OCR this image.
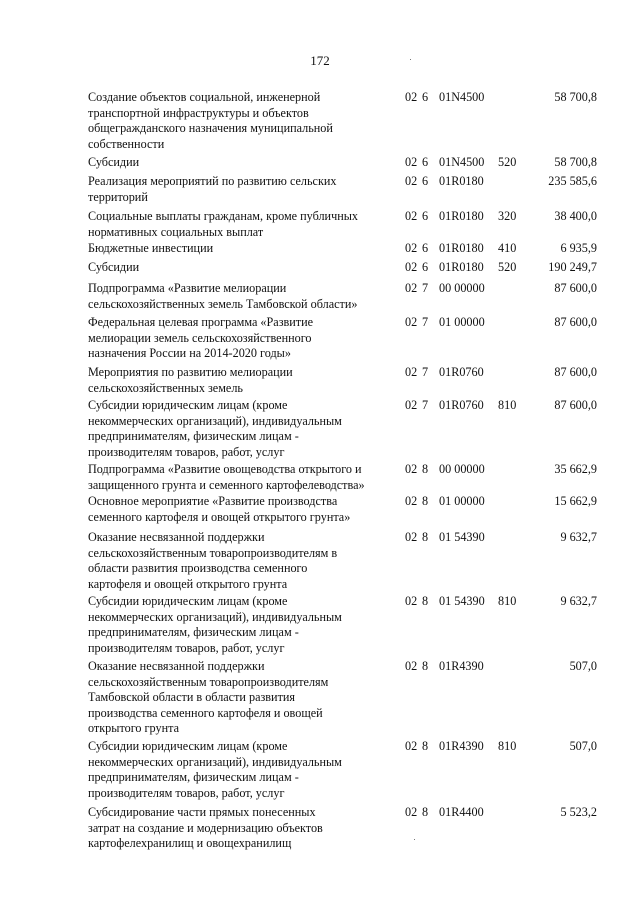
172
Создание объектов социальной, инженерной
транспортной инфраструктуры и объектов
общегражданского назначения муниципальной
собственности
02 6 01N4500	58 700,8
Субсидии	02 6 01N4500 520	58 700,8
Реализация мероприятий по развитию сельских
территорий
02 6 01R0180	235 585,6
Социальные выплаты гражданам, кроме публичных
нормативных социальных выплат
02 6 01R0180 320	38 400,0
Бюджетные инвестиции	02 6 01R0180 410	6 935,9
Субсидии	02 6 01R0180 520	190 249,7
Подпрограмма «Развитие мелиорации
сельскохозяйственных земель Тамбовской области»
02 7 00 00000	87 600,0
Федеральная целевая программа «Развитие
мелиорации земель сельскохозяйственного
назначения России на 2014-2020 годы»
02 7 01 00000	87 600,0
Мероприятия по развитию мелиорации
сельскохозяйственных земель
02 7 01R0760	87 600,0
Субсидии юридическим лицам (кроме
некоммерческих организаций), индивидуальным
предпринимателям, физическим лицам -
производителям товаров, работ, услуг
02 7 01R0760 810	87 600,0
Подпрограмма «Развитие овощеводства открытого и
защищенного грунта и семенного картофелеводства»
02 8 00 00000	35 662,9
Основное мероприятие «Развитие производства
семенного картофеля и овощей открытого грунта»
02 8 01 00000	15 662,9
Оказание несвязанной поддержки
сельскохозяйственным товаропроизводителям в
области развития производства семенного
картофеля и овощей открытого грунта
02 8 01 54390	9 632,7
Субсидии юридическим лицам (кроме
некоммерческих организаций), индивидуальным
предпринимателям, физическим лицам -
производителям товаров, работ, услуг
02 8 01 54390 810	9 632,7
Оказание несвязанной поддержки
сельскохозяйственным товаропроизводителям
Тамбовской области в области развития
производства семенного картофеля и овощей
открытого грунта
02 8 01R4390	507,0
Субсидии юридическим лицам (кроме
некоммерческих организаций), индивидуальным
предпринимателям, физическим лицам -
производителям товаров, работ, услуг
02 8 01R4390 810	507,0
Субсидирование части прямых понесенных
затрат на создание и модернизацию объектов
картофелехранилищ и овощехранилищ
02 8 01R4400	5 523,2
